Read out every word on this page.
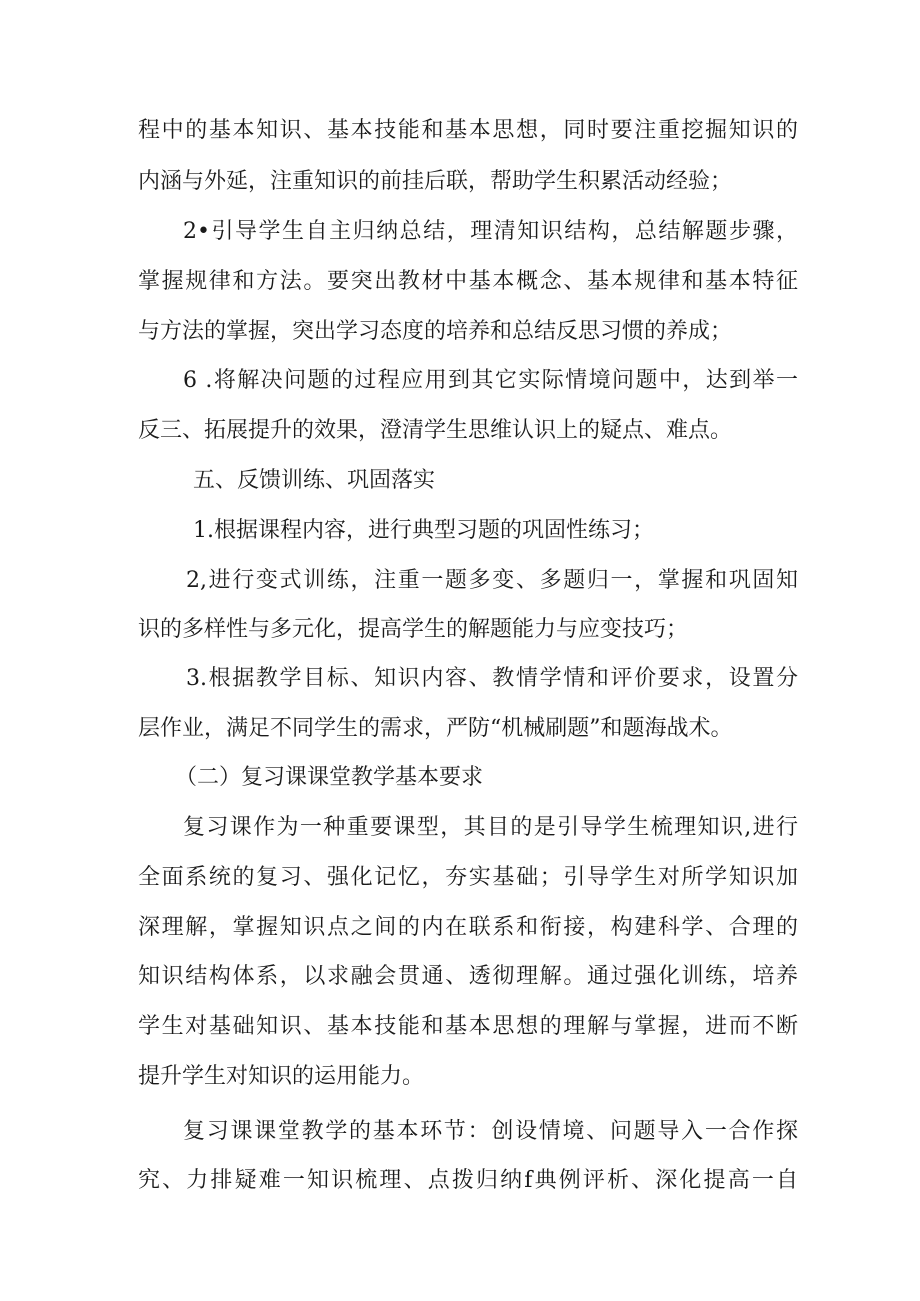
程中的基本知识、基本技能和基本思想，同时要注重挖掘知识的
内涵与外延，注重知识的前挂后联，帮助学生积累活动经验；
2•引导学生自主归纳总结，理清知识结构，总结解题步骤，
掌握规律和方法。要突出教材中基本概念、基本规律和基本特征
与方法的掌握，突出学习态度的培养和总结反思习惯的养成；
6 .将解决问题的过程应用到其它实际情境问题中，达到举一
反三、拓展提升的效果，澄清学生思维认识上的疑点、难点。
五、反馈训练、巩固落实
1.根据课程内容，进行典型习题的巩固性练习；
2,进行变式训练，注重一题多变、多题归一，掌握和巩固知
识的多样性与多元化，提高学生的解题能力与应变技巧；
3.根据教学目标、知识内容、教情学情和评价要求，设置分
层作业，满足不同学生的需求，严防“机械刷题”和题海战术。
（二）复习课课堂教学基本要求
复习课作为一种重要课型，其目的是引导学生梳理知识,进行
全面系统的复习、强化记忆，夯实基础；引导学生对所学知识加
深理解，掌握知识点之间的内在联系和衔接，构建科学、合理的
知识结构体系，以求融会贯通、透彻理解。通过强化训练，培养
学生对基础知识、基本技能和基本思想的理解与掌握，进而不断
提升学生对知识的运用能力。
复习课课堂教学的基本环节：创设情境、问题导入一合作探
究、力排疑难一知识梳理、点拨归纳f典例评析、深化提高一自
